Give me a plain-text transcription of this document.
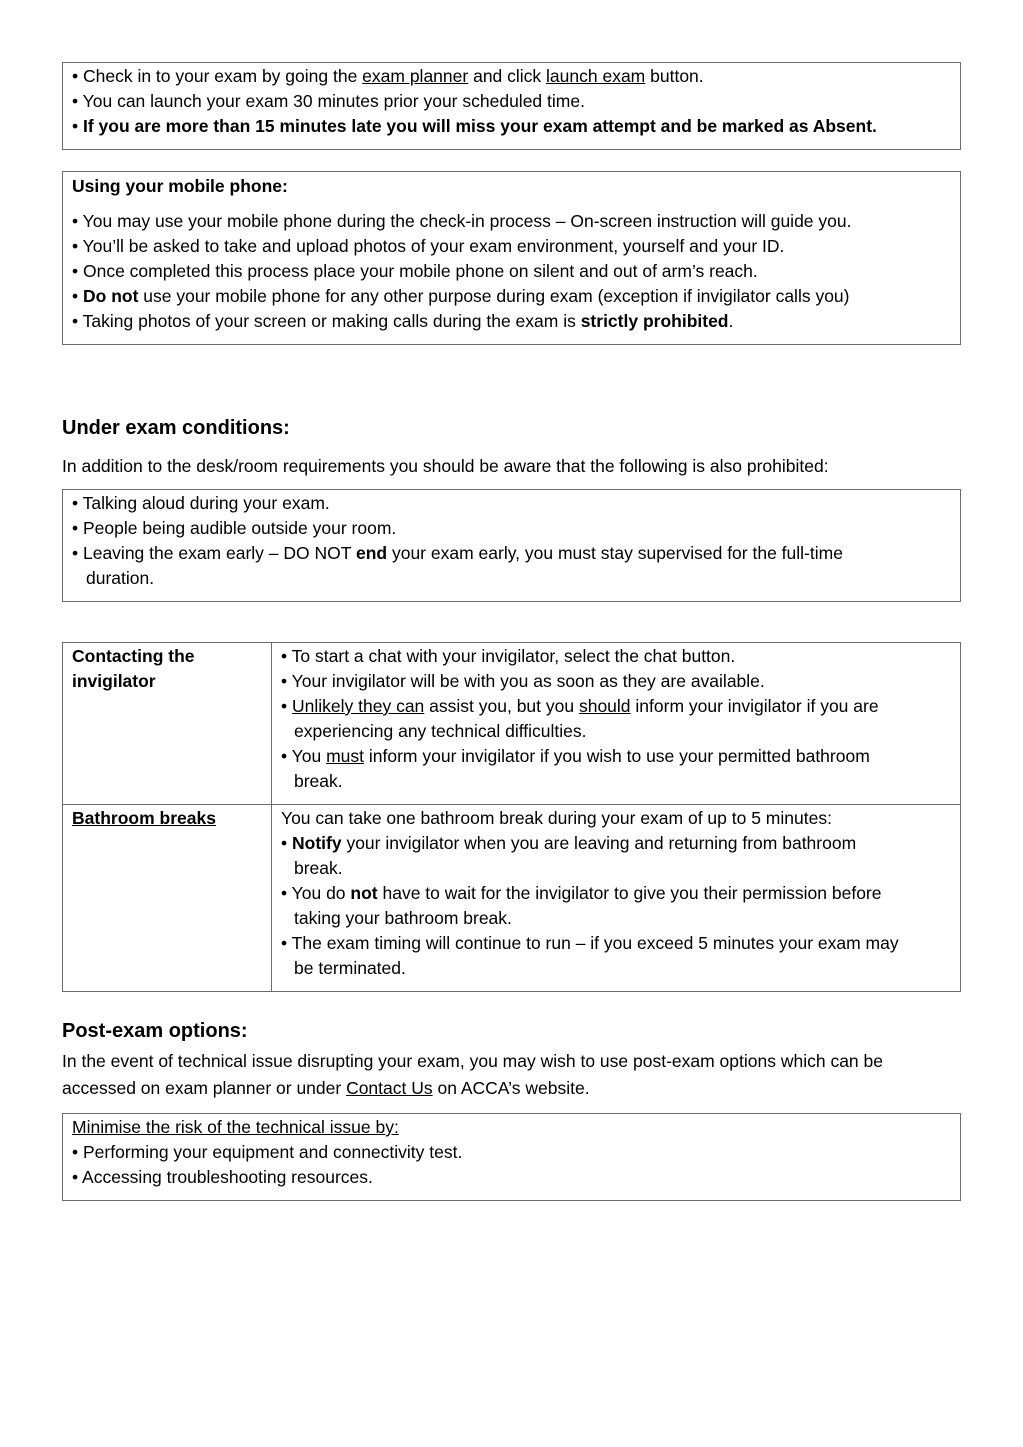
• Check in to your exam by going the exam planner and click launch exam button.
• You can launch your exam 30 minutes prior your scheduled time.
• If you are more than 15 minutes late you will miss your exam attempt and be marked as Absent.
Using your mobile phone:
• You may use your mobile phone during the check-in process – On-screen instruction will guide you.
• You’ll be asked to take and upload photos of your exam environment, yourself and your ID.
• Once completed this process place your mobile phone on silent and out of arm’s reach.
• Do not use your mobile phone for any other purpose during exam (exception if invigilator calls you)
• Taking photos of your screen or making calls during the exam is strictly prohibited.
Under exam conditions:
In addition to the desk/room requirements you should be aware that the following is also prohibited:
• Talking aloud during your exam.
• People being audible outside your room.
• Leaving the exam early – DO NOT end your exam early, you must stay supervised for the full-time
duration.
Contacting the
invigilator
• To start a chat with your invigilator, select the chat button.
• Your invigilator will be with you as soon as they are available.
• Unlikely they can assist you, but you should inform your invigilator if you are
experiencing any technical difficulties.
• You must inform your invigilator if you wish to use your permitted bathroom
break.
Bathroom breaks	You can take one bathroom break during your exam of up to 5 minutes:
• Notify your invigilator when you are leaving and returning from bathroom
break.
• You do not have to wait for the invigilator to give you their permission before
taking your bathroom break.
• The exam timing will continue to run – if you exceed 5 minutes your exam may
be terminated.
Post-exam options:
In the event of technical issue disrupting your exam, you may wish to use post-exam options which can be
accessed on exam planner or under Contact Us on ACCA’s website.
Minimise the risk of the technical issue by:
• Performing your equipment and connectivity test.
• Accessing troubleshooting resources.
